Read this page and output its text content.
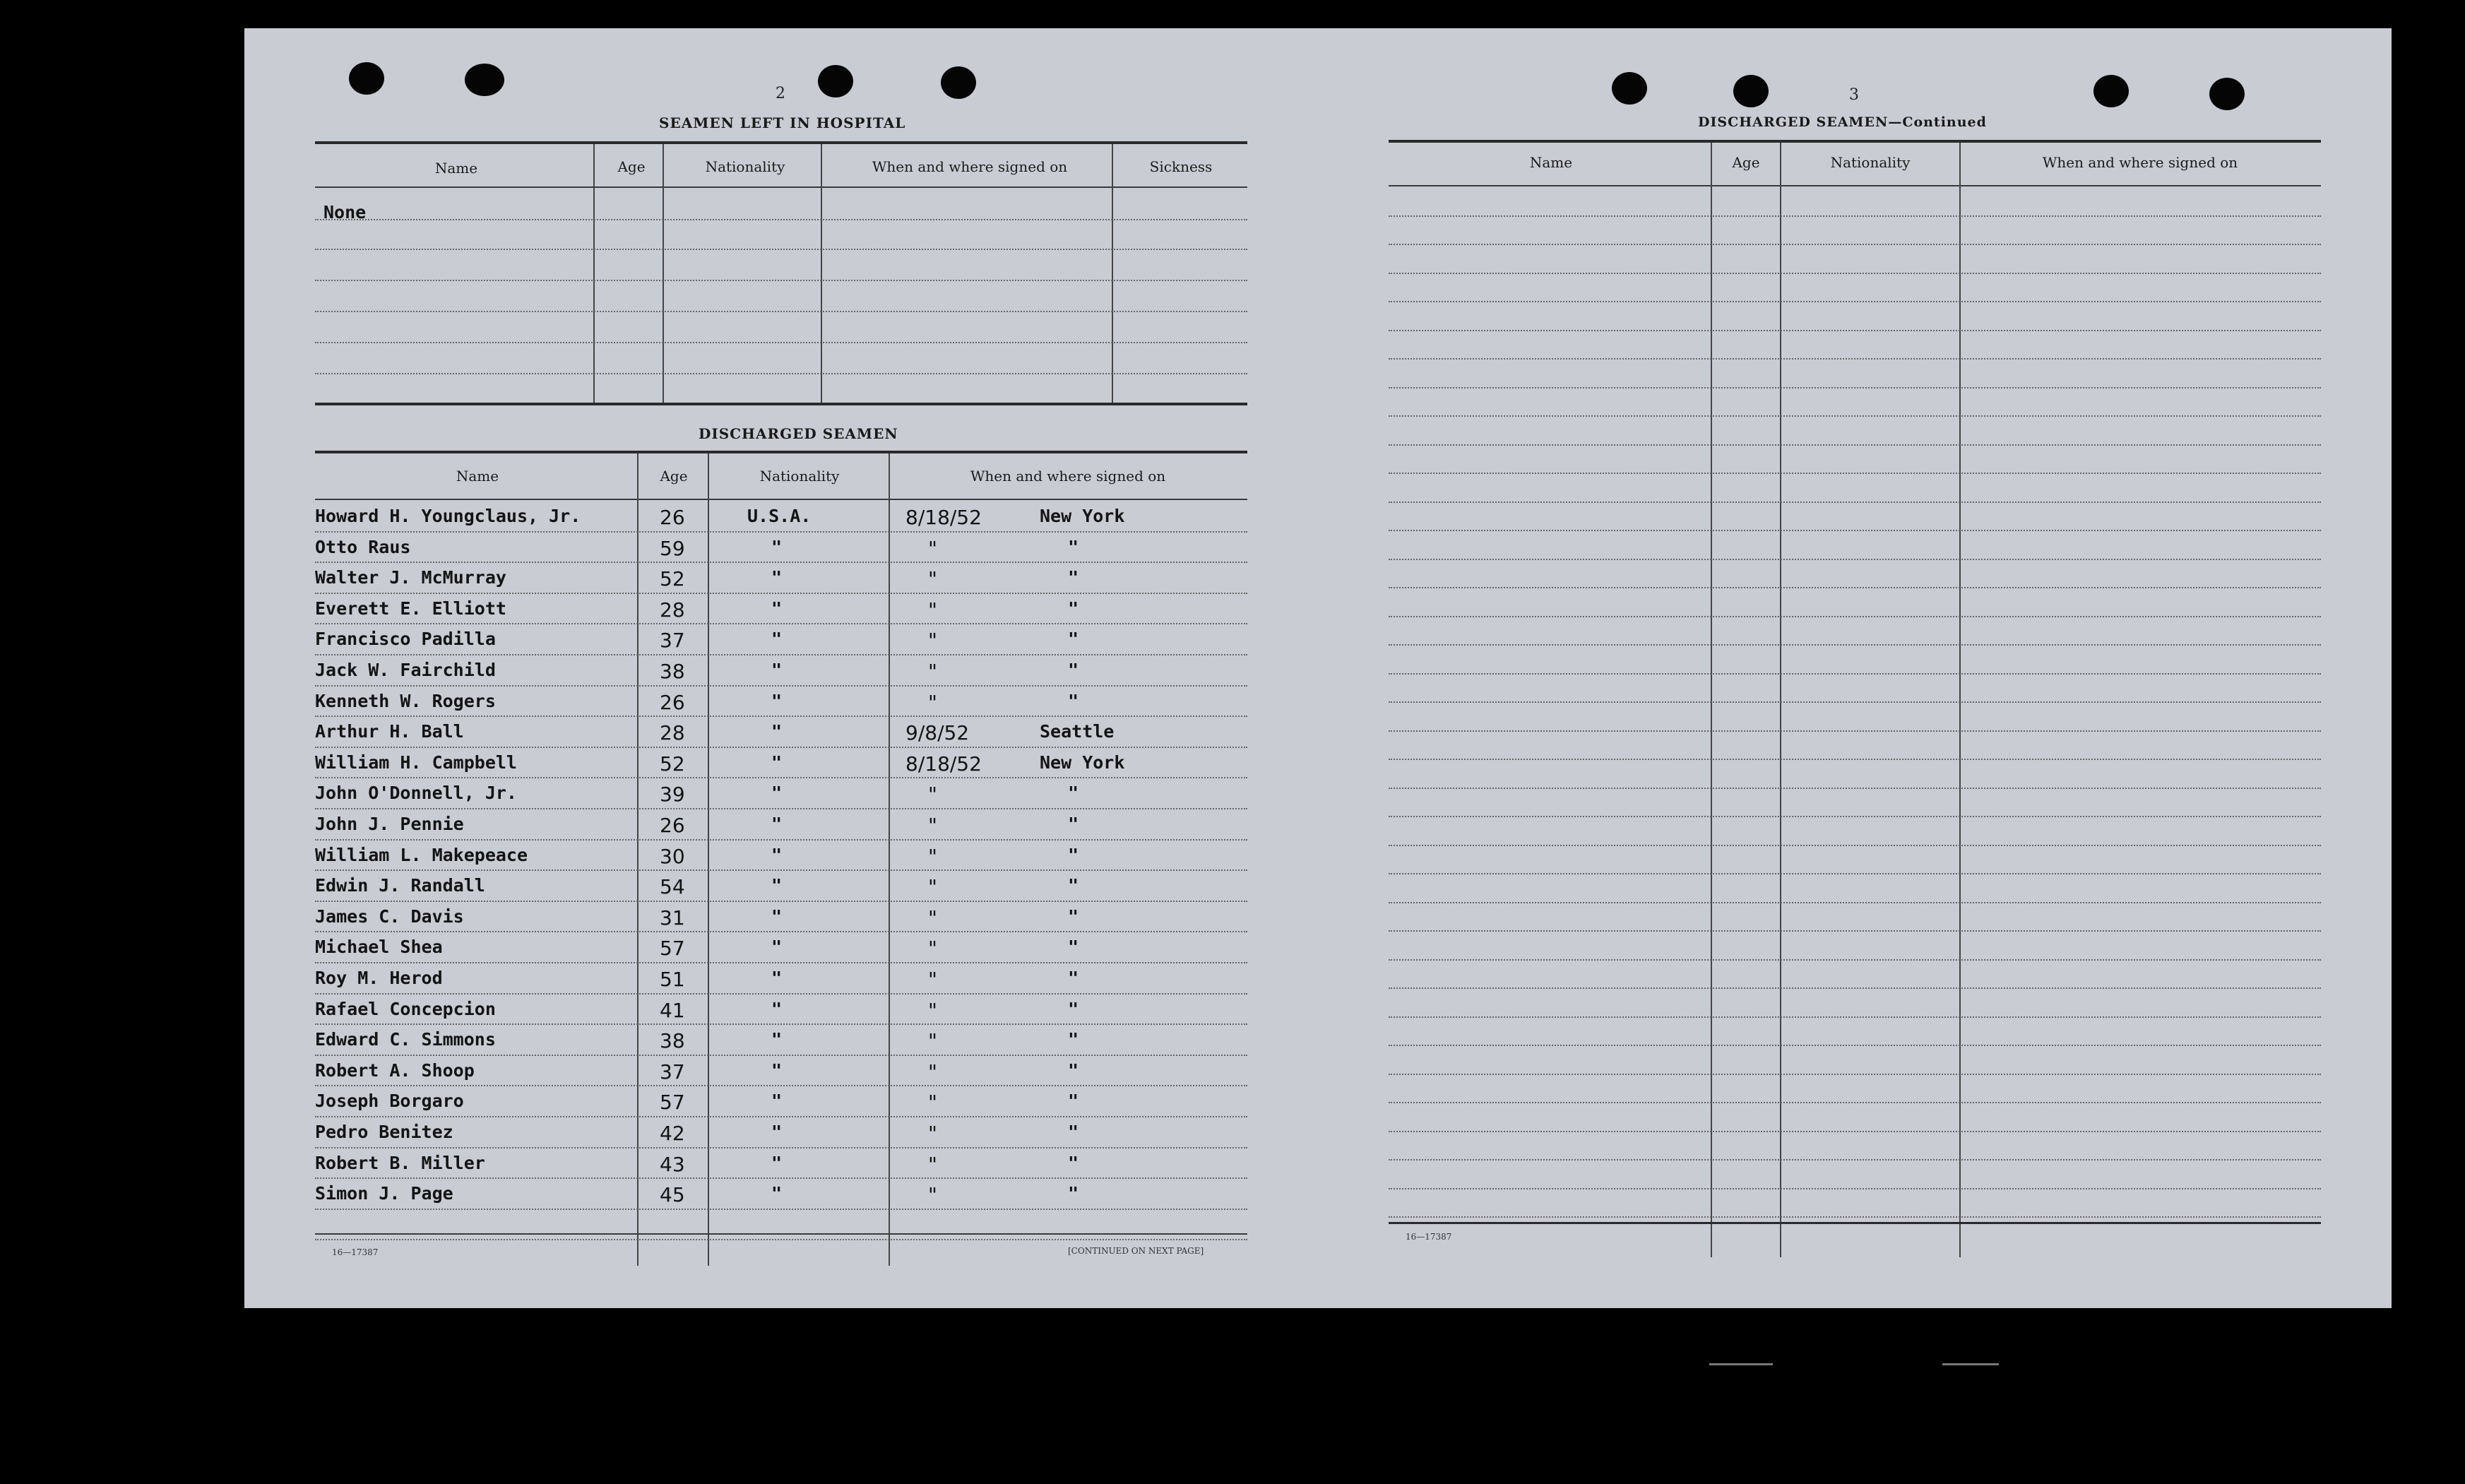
2
SEAMEN LEFT IN HOSPITAL
Name	Age	Nationality	When and where signed on	Sickness
None
DISCHARGED SEAMEN
Name	Age	Nationality	When and where signed on
Howard H. Youngclaus, Jr.	26	U.S.A.	8/18/52	New York
Otto Raus	59	"	"	"
Walter J. McMurray	52	"	"	"
Everett E. Elliott	28	"	"	"
Francisco Padilla	37	"	"	"
Jack W. Fairchild	38	"	"	"
Kenneth W. Rogers	26	"	"	"
Arthur H. Ball	28	"	9/8/52	Seattle
William H. Campbell	52	"	8/18/52	New York
John O'Donnell, Jr.	39	"	"	"
John J. Pennie	26	"	"	"
William L. Makepeace	30	"	"	"
Edwin J. Randall	54	"	"	"
James C. Davis	31	"	"	"
Michael Shea	57	"	"	"
Roy M. Herod	51	"	"	"
Rafael Concepcion	41	"	"	"
Edward C. Simmons	38	"	"	"
Robert A. Shoop	37	"	"	"
Joseph Borgaro	57	"	"	"
Pedro Benitez	42	"	"	"
Robert B. Miller	43	"	"	"
Simon J. Page	45	"	"	"
16—17387	[CONTINUED ON NEXT PAGE]
3
DISCHARGED SEAMEN—Continued
Name	Age	Nationality	When and where signed on
16—17387
